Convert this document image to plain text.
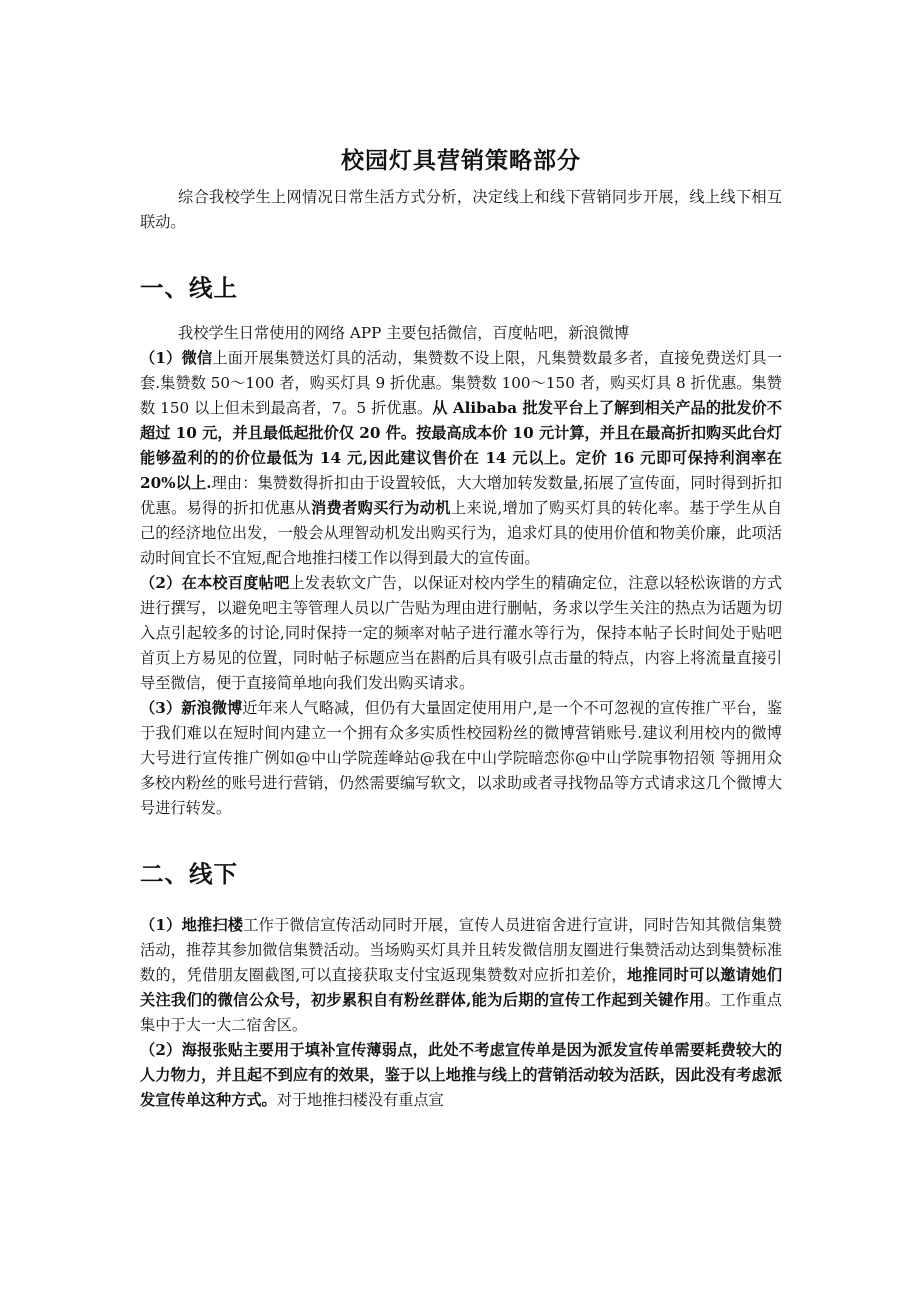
校园灯具营销策略部分

综合我校学生上网情况日常生活方式分析，决定线上和线下营销同步开展，线上线下相互联动。

一、线上

我校学生日常使用的网络 APP 主要包括微信，百度帖吧，新浪微博

（1）微信上面开展集赞送灯具的活动，集赞数不设上限，凡集赞数最多者，直接免费送灯具一套.集赞数 50～100 者，购买灯具 9 折优惠。集赞数 100～150 者，购买灯具 8 折优惠。集赞数 150 以上但未到最高者，7。5 折优惠。从 Alibaba 批发平台上了解到相关产品的批发价不超过 10 元，并且最低起批价仅 20 件。按最高成本价 10 元计算，并且在最高折扣购买此台灯能够盈利的的价位最低为 14 元,因此建议售价在 14 元以上。定价 16 元即可保持利润率在 20%以上.理由：集赞数得折扣由于设置较低，大大增加转发数量,拓展了宣传面，同时得到折扣优惠。易得的折扣优惠从消费者购买行为动机上来说,增加了购买灯具的转化率。基于学生从自己的经济地位出发，一般会从理智动机发出购买行为，追求灯具的使用价值和物美价廉，此项活动时间宜长不宜短,配合地推扫楼工作以得到最大的宣传面。

（2）在本校百度帖吧上发表软文广告，以保证对校内学生的精确定位，注意以轻松诙谐的方式进行撰写，以避免吧主等管理人员以广告贴为理由进行删帖，务求以学生关注的热点为话题为切入点引起较多的讨论,同时保持一定的频率对帖子进行灌水等行为，保持本帖子长时间处于贴吧首页上方易见的位置，同时帖子标题应当在斟酌后具有吸引点击量的特点，内容上将流量直接引导至微信，便于直接简单地向我们发出购买请求。

（3）新浪微博近年来人气略减，但仍有大量固定使用用户,是一个不可忽视的宣传推广平台，鉴于我们难以在短时间内建立一个拥有众多实质性校园粉丝的微博营销账号.建议利用校内的微博大号进行宣传推广例如@中山学院莲峰站@我在中山学院暗恋你@中山学院事物招领 等拥用众多校内粉丝的账号进行营销，仍然需要编写软文，以求助或者寻找物品等方式请求这几个微博大号进行转发。

二、线下

（1）地推扫楼工作于微信宣传活动同时开展，宣传人员进宿舍进行宣讲，同时告知其微信集赞活动，推荐其参加微信集赞活动。当场购买灯具并且转发微信朋友圈进行集赞活动达到集赞标准数的，凭借朋友圈截图,可以直接获取支付宝返现集赞数对应折扣差价，地推同时可以邀请她们关注我们的微信公众号，初步累积自有粉丝群体,能为后期的宣传工作起到关键作用。工作重点集中于大一大二宿舍区。

（2）海报张贴主要用于填补宣传薄弱点，此处不考虑宣传单是因为派发宣传单需要耗费较大的人力物力，并且起不到应有的效果，鉴于以上地推与线上的营销活动较为活跃，因此没有考虑派发宣传单这种方式。对于地推扫楼没有重点宣
